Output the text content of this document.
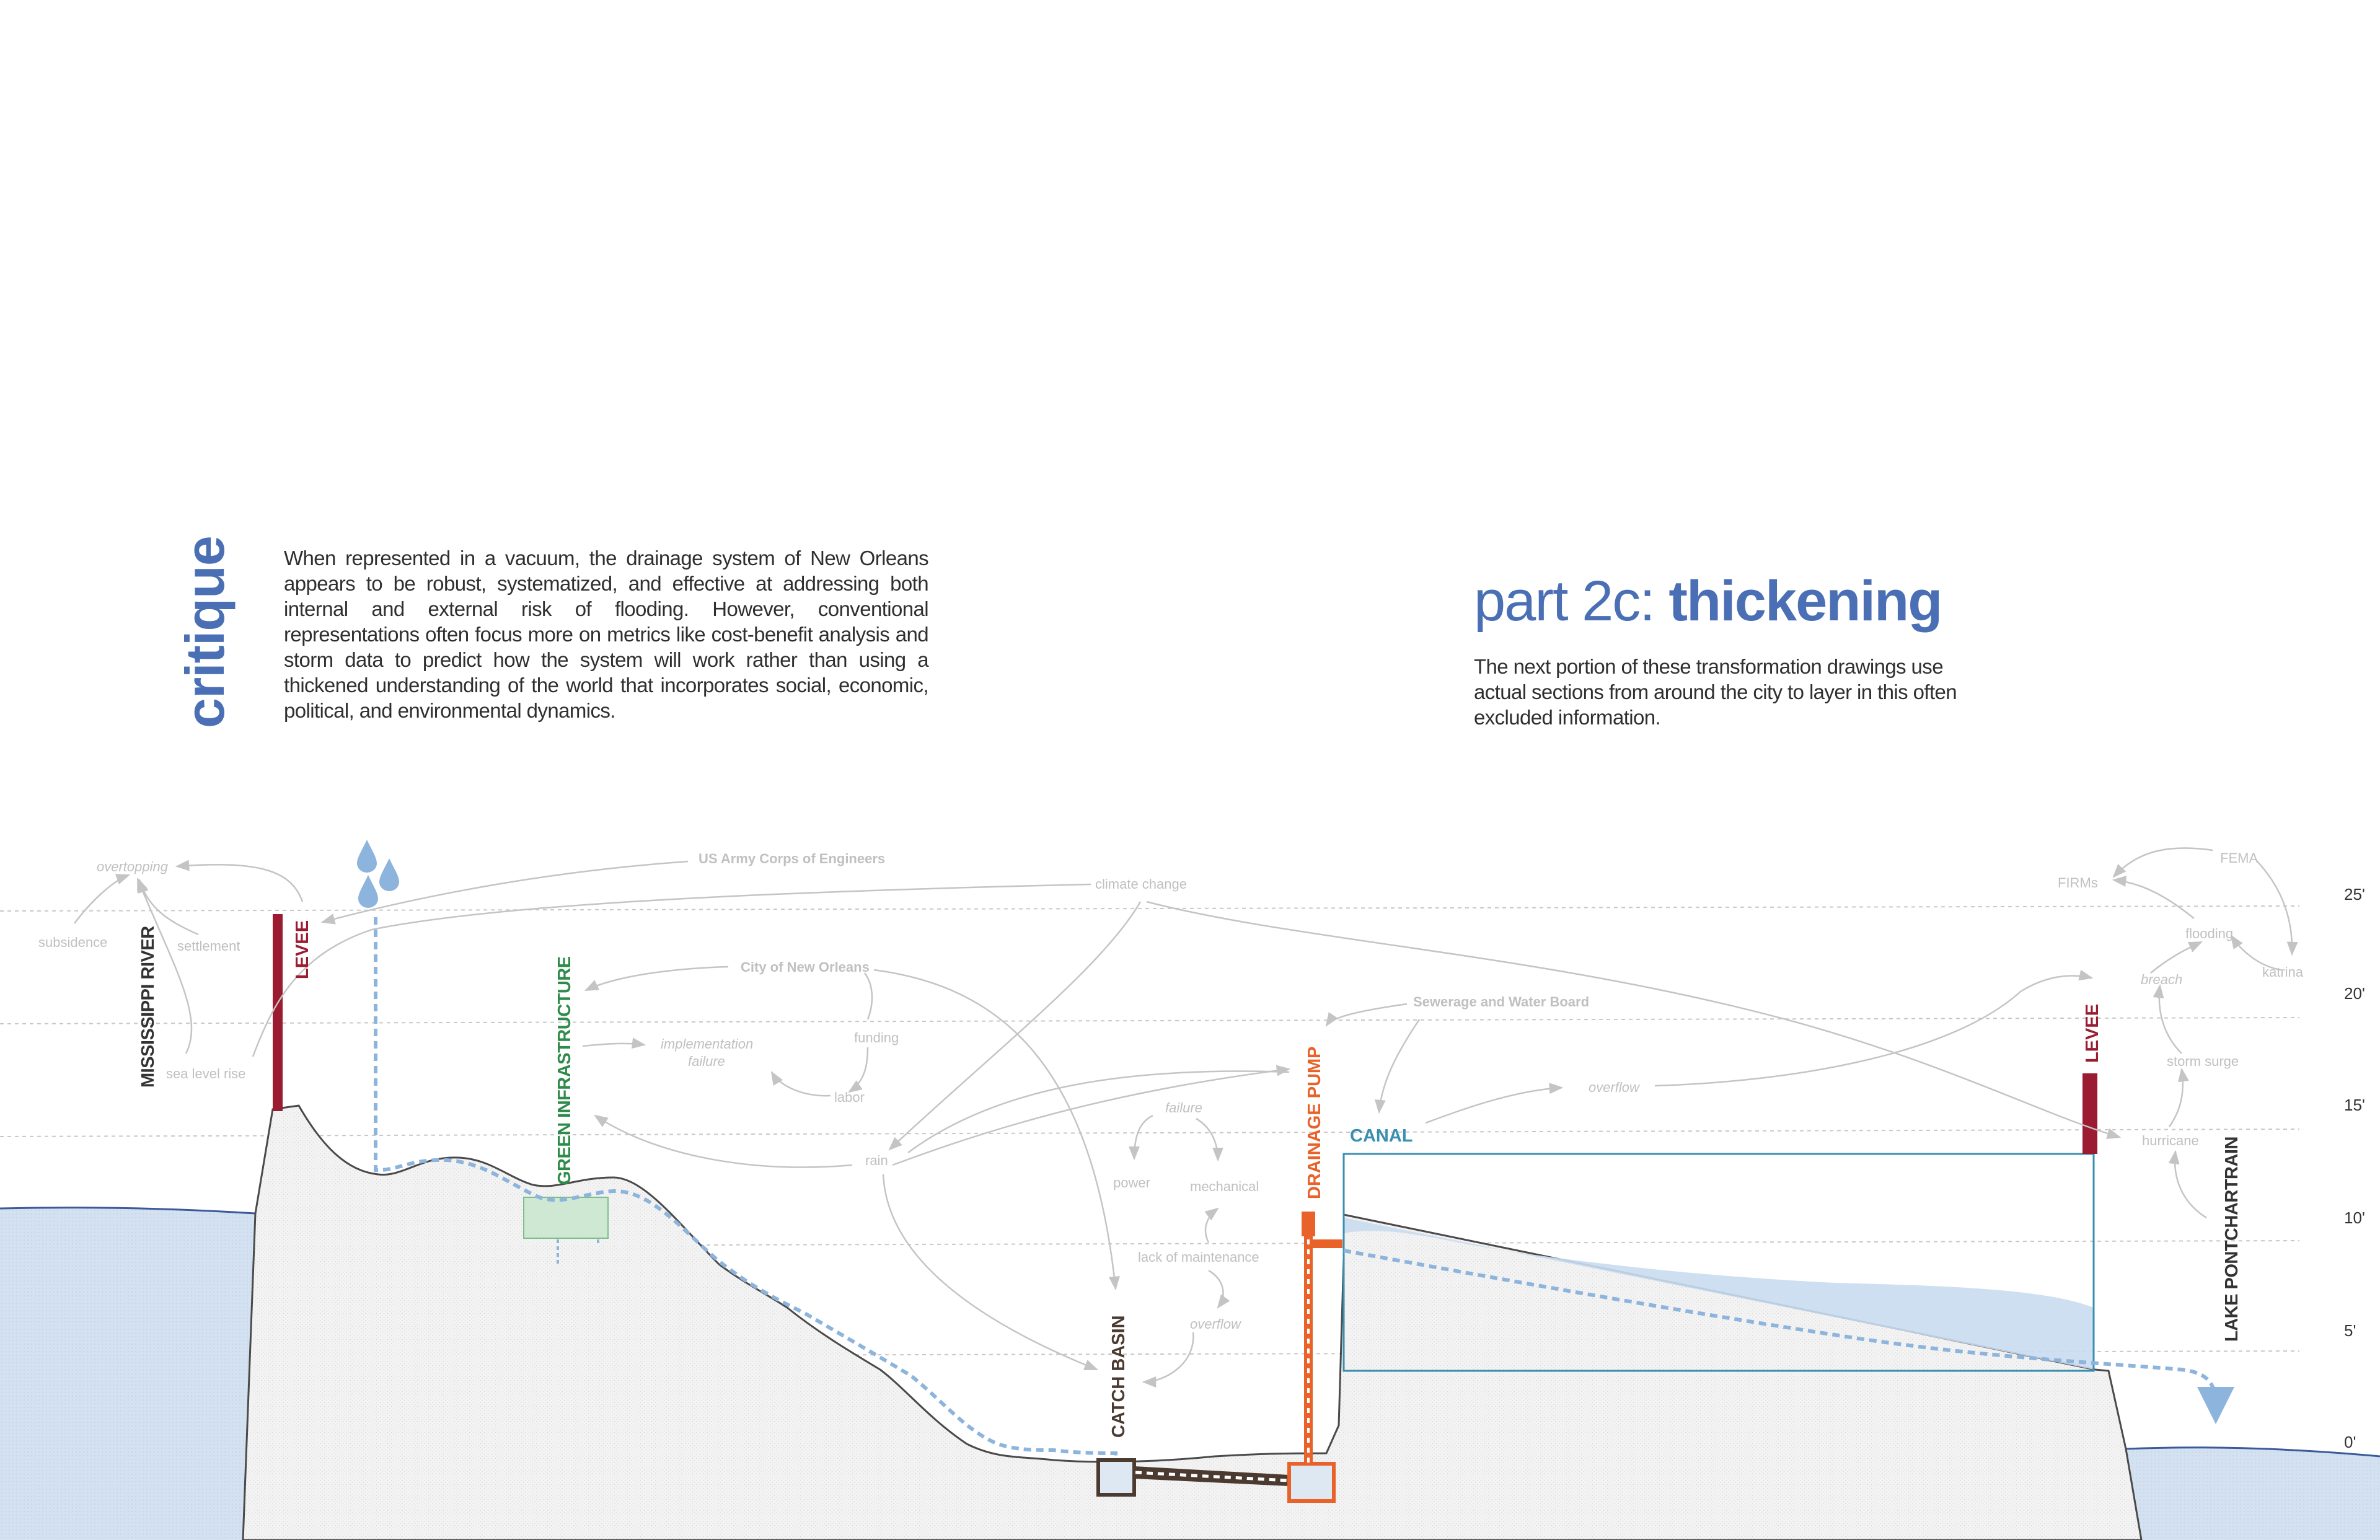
critique When represented in a vacuum, the drainage system of New Orleans appears to be robust, systematized, and effective at addressing both internal and external risk of flooding. However, conventional representations often focus more on metrics like cost-benefit analysis and storm data to predict how the system will work rather than using a thickened understanding of the world that incorporates social, economic, political, and environmental dynamics.
part 2c: thickening
The next portion of these transformation drawings use actual sections from around the city to layer in this often excluded information.
25'
20'
15'
10'
5'
0'
overtopping
subsidence	settlement
sea level rise
US Army Corps of Engineers
climate change
City of New Orleans
implementation
failure
funding
labor
rain
failure
power	mechanical
lack of maintenance
overflow
Sewerage and Water Board
overflow
FEMA
FIRMs
flooding
breach	katrina
storm surge
hurricane
MISSISSIPPI RIVER	LEVEE
GREEN INFRASTRUCTURE
CATCH BASIN
DRAINAGE PUMP CANAL
LEVEE
LAKE PONTCHARTRAIN
